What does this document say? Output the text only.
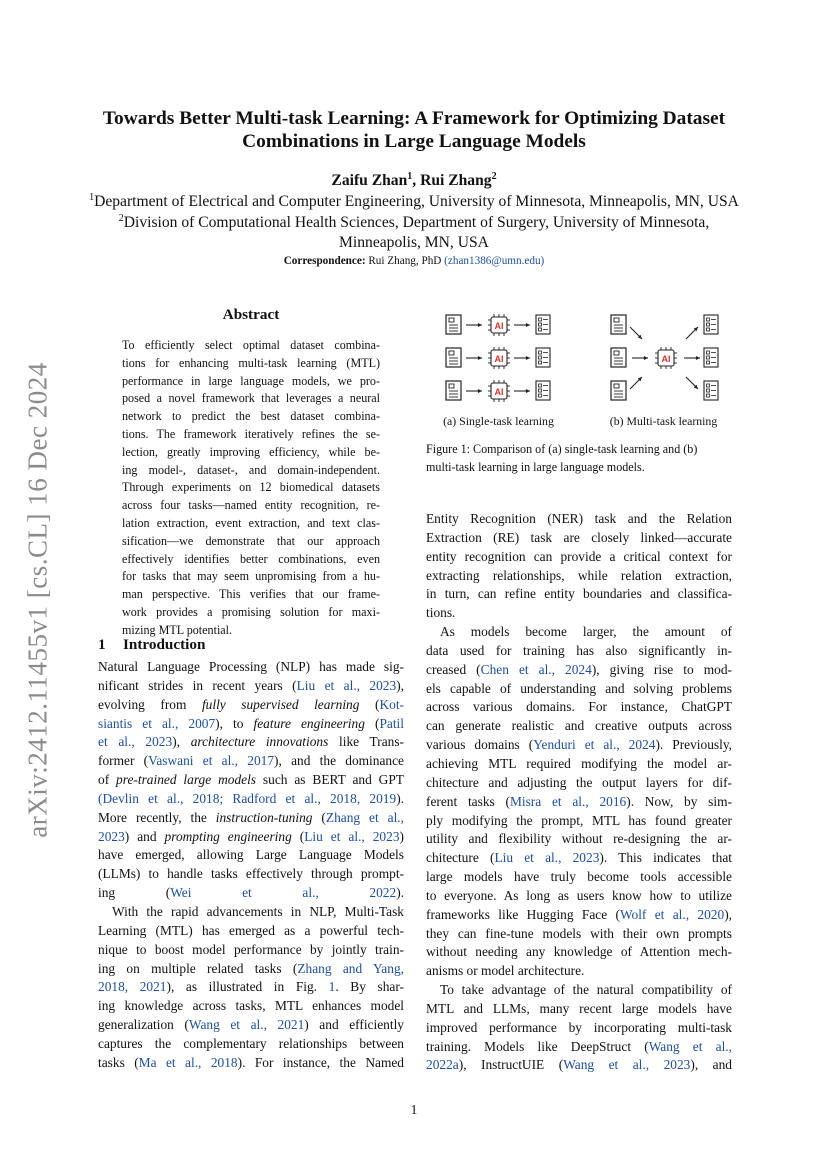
arXiv:2412.11455v1 [cs.CL] 16 Dec 2024
Towards Better Multi-task Learning: A Framework for Optimizing Dataset
Combinations in Large Language Models
Zaifu Zhan$^1$, Rui Zhang$^2$
$^1$Department of Electrical and Computer Engineering, University of Minnesota, Minneapolis, MN, USA
$^2$Division of Computational Health Sciences, Department of Surgery, University of Minnesota,
Minneapolis, MN, USA
Correspondence: Rui Zhang, PhD (zhan1386@umn.edu)
Abstract
To efficiently select optimal dataset combina-
tions for enhancing multi-task learning (MTL)
performance in large language models, we pro-
posed a novel framework that leverages a neural
network to predict the best dataset combina-
tions. The framework iteratively refines the se-
lection, greatly improving efficiency, while be-
ing model-, dataset-, and domain-independent.
Through experiments on 12 biomedical datasets
across four tasks—named entity recognition, re-
lation extraction, event extraction, and text clas-
sification—we demonstrate that our approach
effectively identifies better combinations, even
for tasks that may seem unpromising from a hu-
man perspective. This verifies that our frame-
work provides a promising solution for maxi-
mizing MTL potential.
1 Introduction
Natural Language Processing (NLP) has made sig-
nificant strides in recent years (Liu et al., 2023),
evolving from fully supervised learning (Kot-
siantis et al., 2007), to feature engineering (Patil
et al., 2023), architecture innovations like Trans-
former (Vaswani et al., 2017), and the dominance
of pre-trained large models such as BERT and GPT
(Devlin et al., 2018; Radford et al., 2018, 2019).
More recently, the instruction-tuning (Zhang et al.,
2023) and prompting engineering (Liu et al., 2023)
have emerged, allowing Large Language Models
(LLMs) to handle tasks effectively through prompt-
ing (Wei et al., 2022).
With the rapid advancements in NLP, Multi-Task
Learning (MTL) has emerged as a powerful tech-
nique to boost model performance by jointly train-
ing on multiple related tasks (Zhang and Yang,
2018, 2021), as illustrated in Fig. 1. By shar-
ing knowledge across tasks, MTL enhances model
generalization (Wang et al., 2021) and efficiently
captures the complementary relationships between
tasks (Ma et al., 2018). For instance, the Named
Entity Recognition (NER) task and the Relation
Extraction (RE) task are closely linked—accurate
entity recognition can provide a critical context for
extracting relationships, while relation extraction,
in turn, can refine entity boundaries and classifica-
tions.
As models become larger, the amount of
data used for training has also significantly in-
creased (Chen et al., 2024), giving rise to mod-
els capable of understanding and solving problems
across various domains. For instance, ChatGPT
can generate realistic and creative outputs across
various domains (Yenduri et al., 2024). Previously,
achieving MTL required modifying the model ar-
chitecture and adjusting the output layers for dif-
ferent tasks (Misra et al., 2016). Now, by sim-
ply modifying the prompt, MTL has found greater
utility and flexibility without re-designing the ar-
chitecture (Liu et al., 2023). This indicates that
large models have truly become tools accessible
to everyone. As long as users know how to utilize
frameworks like Hugging Face (Wolf et al., 2020),
they can fine-tune models with their own prompts
without needing any knowledge of Attention mech-
anisms or model architecture.
To take advantage of the natural compatibility of
MTL and LLMs, many recent large models have
improved performance by incorporating multi-task
training. Models like DeepStruct (Wang et al.,
2022a), InstructUIE (Wang et al., 2023), and
AI
AI
AI
AI
(a) Single-task learning	(b) Multi-task learning
Figure 1: Comparison of (a) single-task learning and (b)
multi-task learning in large language models.
1
